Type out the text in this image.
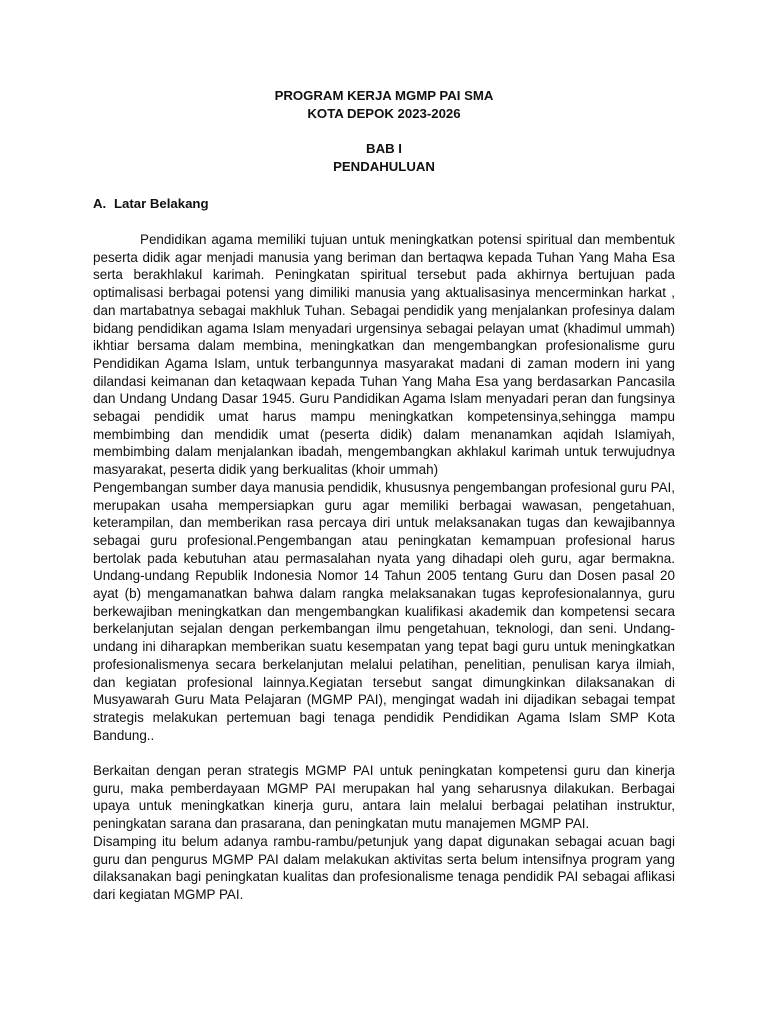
PROGRAM KERJA MGMP PAI SMA
KOTA DEPOK 2023-2026
BAB I
PENDAHULUAN
A. Latar Belakang

Pendidikan agama memiliki tujuan untuk meningkatkan potensi spiritual dan membentuk peserta didik agar menjadi manusia yang beriman dan bertaqwa kepada Tuhan Yang Maha Esa serta berakhlakul karimah. Peningkatan spiritual tersebut pada akhirnya bertujuan pada optimalisasi berbagai potensi yang dimiliki manusia yang aktualisasinya mencerminkan harkat , dan martabatnya sebagai makhluk Tuhan. Sebagai pendidik yang menjalankan profesinya dalam bidang pendidikan agama Islam menyadari urgensinya sebagai pelayan umat (khadimul ummah) ikhtiar bersama dalam membina, meningkatkan dan mengembangkan profesionalisme guru Pendidikan Agama Islam, untuk terbangunnya masyarakat madani di zaman modern ini yang dilandasi keimanan dan ketaqwaan kepada Tuhan Yang Maha Esa yang berdasarkan Pancasila dan Undang Undang Dasar 1945. Guru Pandidikan Agama Islam menyadari peran dan fungsinya sebagai pendidik umat harus mampu meningkatkan kompetensinya,sehingga mampu membimbing dan mendidik umat (peserta didik) dalam menanamkan aqidah Islamiyah, membimbing dalam menjalankan ibadah, mengembangkan akhlakul karimah untuk terwujudnya masyarakat, peserta didik yang berkualitas (khoir ummah)

Pengembangan sumber daya manusia pendidik, khususnya pengembangan profesional guru PAI, merupakan usaha mempersiapkan guru agar memiliki berbagai wawasan, pengetahuan, keterampilan, dan memberikan rasa percaya diri untuk melaksanakan tugas dan kewajibannya sebagai guru profesional.Pengembangan atau peningkatan kemampuan profesional harus bertolak pada kebutuhan atau permasalahan nyata yang dihadapi oleh guru, agar bermakna. Undang-undang Republik Indonesia Nomor 14 Tahun 2005 tentang Guru dan Dosen pasal 20 ayat (b) mengamanatkan bahwa dalam rangka melaksanakan tugas keprofesionalannya, guru berkewajiban meningkatkan dan mengembangkan kualifikasi akademik dan kompetensi secara berkelanjutan sejalan dengan perkembangan ilmu pengetahuan, teknologi, dan seni. Undang-undang ini diharapkan memberikan suatu kesempatan yang tepat bagi guru untuk meningkatkan profesionalismenya secara berkelanjutan melalui pelatihan, penelitian, penulisan karya ilmiah, dan kegiatan profesional lainnya.Kegiatan tersebut sangat dimungkinkan dilaksanakan di Musyawarah Guru Mata Pelajaran (MGMP PAI), mengingat wadah ini dijadikan sebagai tempat strategis melakukan pertemuan bagi tenaga pendidik Pendidikan Agama Islam SMP Kota Bandung..

Berkaitan dengan peran strategis MGMP PAI untuk peningkatan kompetensi guru dan kinerja guru, maka pemberdayaan MGMP PAI merupakan hal yang seharusnya dilakukan. Berbagai upaya untuk meningkatkan kinerja guru, antara lain melalui berbagai pelatihan instruktur, peningkatan sarana dan prasarana, dan peningkatan mutu manajemen MGMP PAI.

Disamping itu belum adanya rambu-rambu/petunjuk yang dapat digunakan sebagai acuan bagi guru dan pengurus MGMP PAI dalam melakukan aktivitas serta belum intensifnya program yang dilaksanakan bagi peningkatan kualitas dan profesionalisme tenaga pendidik PAI sebagai aflikasi dari kegiatan MGMP PAI.
